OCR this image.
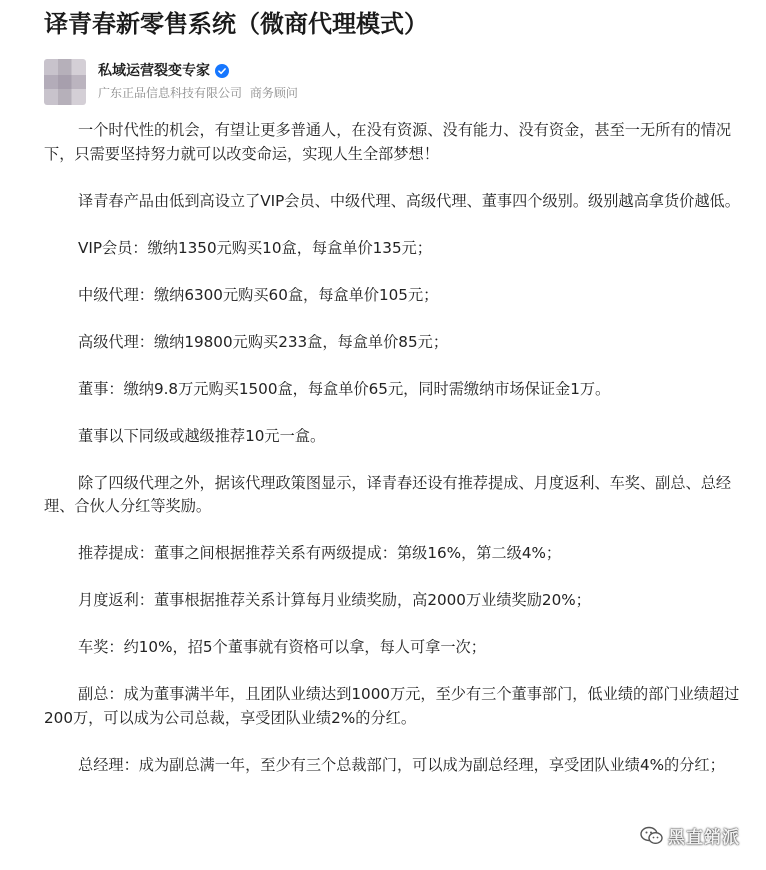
译青春新零售系统（微商代理模式）
私域运营裂变专家
广东正品信息科技有限公司 商务顾问

一个时代性的机会，有望让更多普通人，在没有资源、没有能力、没有资金，甚至一无所有的情况下，只需要坚持努力就可以改变命运，实现人生全部梦想！

译青春产品由低到高设立了VIP会员、中级代理、高级代理、董事四个级别。级别越高拿货价越低。

VIP会员：缴纳1350元购买10盒，每盒单价135元；

中级代理：缴纳6300元购买60盒，每盒单价105元；

高级代理：缴纳19800元购买233盒，每盒单价85元；

董事：缴纳9.8万元购买1500盒，每盒单价65元，同时需缴纳市场保证金1万。

董事以下同级或越级推荐10元一盒。

除了四级代理之外，据该代理政策图显示，译青春还设有推荐提成、月度返利、车奖、副总、总经理、合伙人分红等奖励。

推荐提成：董事之间根据推荐关系有两级提成：第级16%，第二级4%；

月度返利：董事根据推荐关系计算每月业绩奖励，高2000万业绩奖励20%；

车奖：约10%，招5个董事就有资格可以拿，每人可拿一次；

副总：成为董事满半年，且团队业绩达到1000万元，至少有三个董事部门，低业绩的部门业绩超过200万，可以成为公司总裁，享受团队业绩2%的分红。

总经理：成为副总满一年，至少有三个总裁部门，可以成为副总经理，享受团队业绩4%的分红；

黑直銷派
